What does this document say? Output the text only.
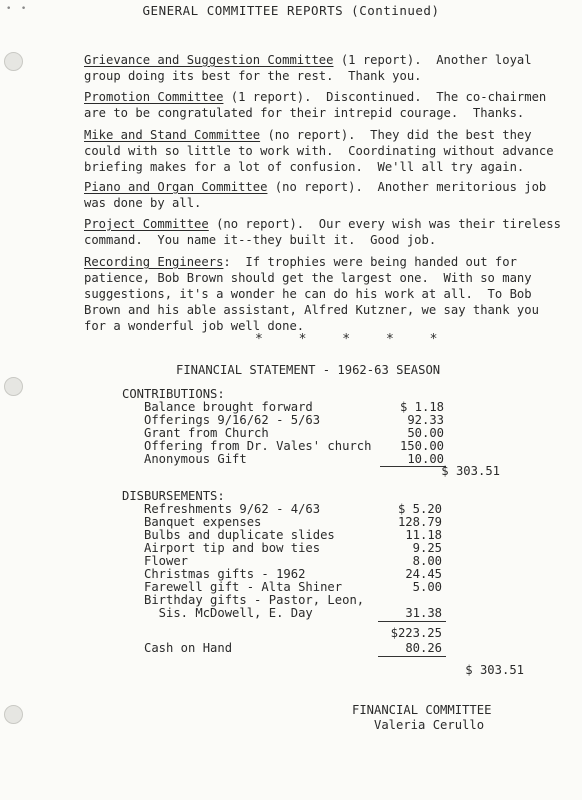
• •	GENERAL COMMITTEE REPORTS (Continued)
Grievance and Suggestion Committee (1 report).  Another loyal
group doing its best for the rest.  Thank you.
Promotion Committee (1 report).  Discontinued.  The co-chairmen
are to be congratulated for their intrepid courage.  Thanks.
Mike and Stand Committee (no report).  They did the best they
could with so little to work with.  Coordinating without advance
briefing makes for a lot of confusion.  We'll all try again.
Piano and Organ Committee (no report).  Another meritorious job
was done by all.
Project Committee (no report).  Our every wish was their tireless
command.  You name it--they built it.  Good job.
Recording Engineers:  If trophies were being handed out for
patience, Bob Brown should get the largest one.  With so many
suggestions, it's a wonder he can do his work at all.  To Bob
Brown and his able assistant, Alfred Kutzner, we say thank you
for a wonderful job well done.
* * * * *
FINANCIAL STATEMENT - 1962-63 SEASON
CONTRIBUTIONS:
Balance brought forward	$ 1.18
Offerings 9/16/62 - 5/63	92.33
Grant from Church	50.00
Offering from Dr. Vales' church	150.00
Anonymous Gift	10.00
$ 303.51
DISBURSEMENTS:
Refreshments 9/62 - 4/63	$ 5.20
Banquet expenses	128.79
Bulbs and duplicate slides	11.18
Airport tip and bow ties	9.25
Flower	8.00
Christmas gifts - 1962	24.45
Farewell gift - Alta Shiner	5.00
Birthday gifts - Pastor, Leon,
Sis. McDowell, E. Day	31.38
$223.25
Cash on Hand	80.26
$ 303.51
FINANCIAL COMMITTEE
Valeria Cerullo
